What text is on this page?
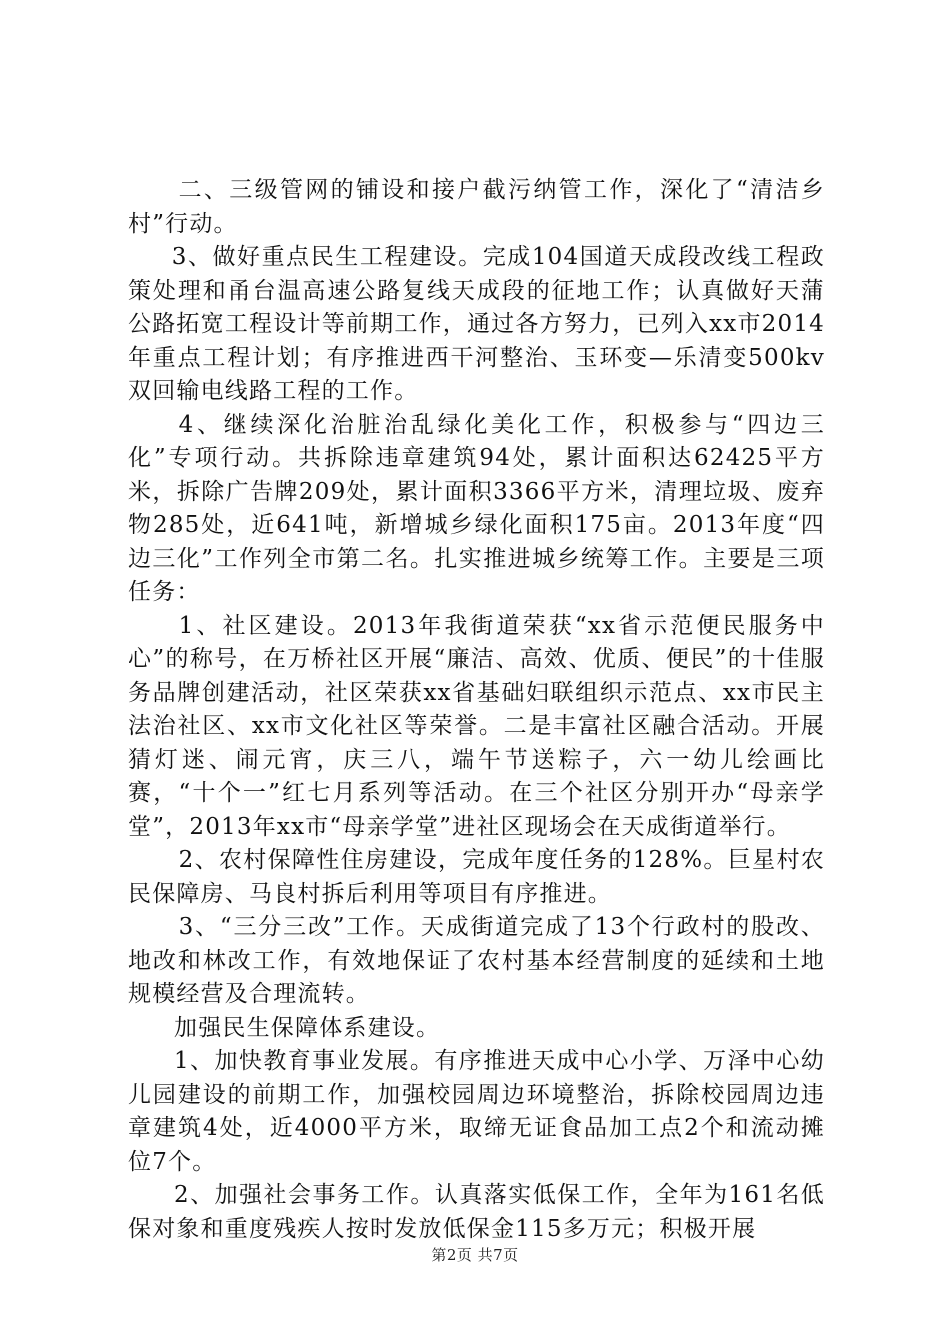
二、三级管网的铺设和接户截污纳管工作，深化了“清洁乡村”行动。

3、做好重点民生工程建设。完成104国道天成段改线工程政策处理和甬台温高速公路复线天成段的征地工作；认真做好天蒲公路拓宽工程设计等前期工作，通过各方努力，已列入xx市2014年重点工程计划；有序推进西干河整治、玉环变—乐清变500kv双回输电线路工程的工作。

4、继续深化治脏治乱绿化美化工作，积极参与“四边三化”专项行动。共拆除违章建筑94处，累计面积达62425平方米，拆除广告牌209处，累计面积3366平方米，清理垃圾、废弃物285处，近641吨，新增城乡绿化面积175亩。2013年度“四边三化”工作列全市第二名。扎实推进城乡统筹工作。主要是三项任务：

1、社区建设。2013年我街道荣获“xx省示范便民服务中心”的称号，在万桥社区开展“廉洁、高效、优质、便民”的十佳服务品牌创建活动，社区荣获xx省基础妇联组织示范点、xx市民主法治社区、xx市文化社区等荣誉。二是丰富社区融合活动。开展猜灯迷、闹元宵，庆三八，端午节送粽子，六一幼儿绘画比赛，“十个一”红七月系列等活动。在三个社区分别开办“母亲学堂”，2013年xx市“母亲学堂”进社区现场会在天成街道举行。

2、农村保障性住房建设，完成年度任务的128%。巨星村农民保障房、马良村拆后利用等项目有序推进。

3、“三分三改”工作。天成街道完成了13个行政村的股改、地改和林改工作，有效地保证了农村基本经营制度的延续和土地规模经营及合理流转。

加强民生保障体系建设。

1、加快教育事业发展。有序推进天成中心小学、万泽中心幼儿园建设的前期工作，加强校园周边环境整治，拆除校园周边违章建筑4处，近4000平方米，取缔无证食品加工点2个和流动摊位7个。

2、加强社会事务工作。认真落实低保工作，全年为161名低保对象和重度残疾人按时发放低保金115多万元；积极开展

第2页 共7页
